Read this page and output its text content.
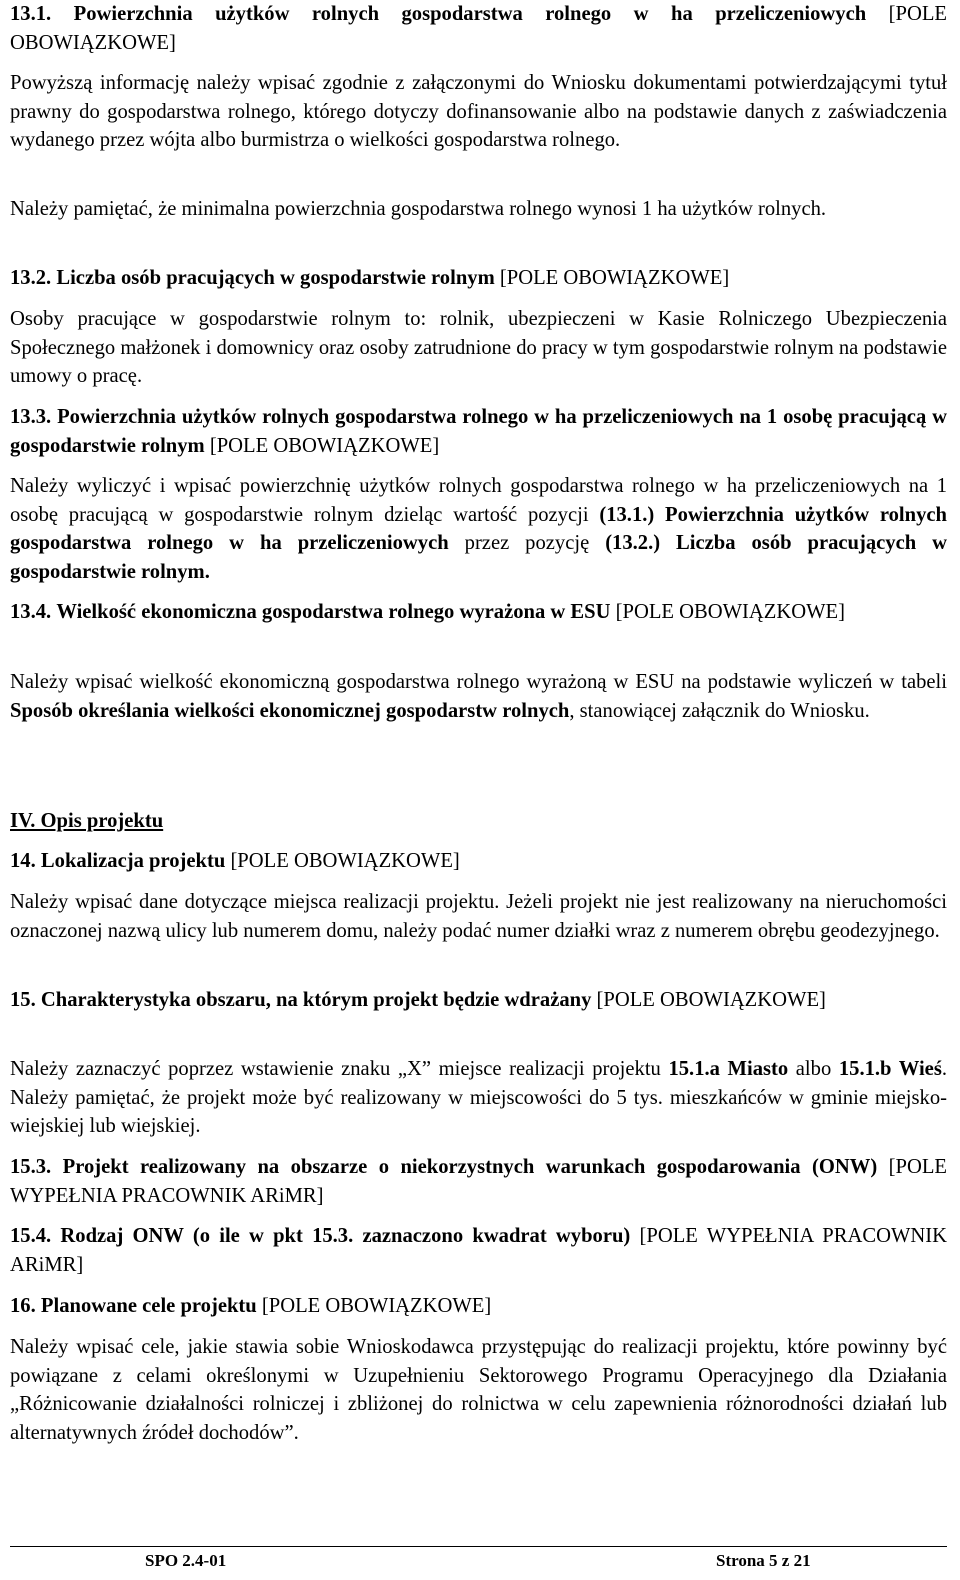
13.1. Powierzchnia użytków rolnych gospodarstwa rolnego w ha przeliczeniowych [POLE OBOWIĄZKOWE]

Powyższą informację należy wpisać zgodnie z załączonymi do Wniosku dokumentami potwierdzającymi tytuł prawny do gospodarstwa rolnego, którego dotyczy dofinansowanie albo na podstawie danych z zaświadczenia wydanego przez wójta albo burmistrza o wielkości gospodarstwa rolnego.

Należy pamiętać, że minimalna powierzchnia gospodarstwa rolnego wynosi 1 ha użytków rolnych.

13.2. Liczba osób pracujących w gospodarstwie rolnym [POLE OBOWIĄZKOWE]

Osoby pracujące w gospodarstwie rolnym to: rolnik, ubezpieczeni w Kasie Rolniczego Ubezpieczenia Społecznego małżonek i domownicy oraz osoby zatrudnione do pracy w tym gospodarstwie rolnym na podstawie umowy o pracę.

13.3. Powierzchnia użytków rolnych gospodarstwa rolnego w ha przeliczeniowych na 1 osobę pracującą w gospodarstwie rolnym [POLE OBOWIĄZKOWE]

Należy wyliczyć i wpisać powierzchnię użytków rolnych gospodarstwa rolnego w ha przeliczeniowych na 1 osobę pracującą w gospodarstwie rolnym dzieląc wartość pozycji (13.1.) Powierzchnia użytków rolnych gospodarstwa rolnego w ha przeliczeniowych przez pozycję (13.2.) Liczba osób pracujących w gospodarstwie rolnym.

13.4. Wielkość ekonomiczna gospodarstwa rolnego wyrażona w ESU [POLE OBOWIĄZKOWE]

Należy wpisać wielkość ekonomiczną gospodarstwa rolnego wyrażoną w ESU na podstawie wyliczeń w tabeli Sposób określania wielkości ekonomicznej gospodarstw rolnych, stanowiącej załącznik do Wniosku.

IV. Opis projektu

14. Lokalizacja projektu [POLE OBOWIĄZKOWE]

Należy wpisać dane dotyczące miejsca realizacji projektu. Jeżeli projekt nie jest realizowany na nieruchomości oznaczonej nazwą ulicy lub numerem domu, należy podać numer działki wraz z numerem obrębu geodezyjnego.

15. Charakterystyka obszaru, na którym projekt będzie wdrażany [POLE OBOWIĄZKOWE]

Należy zaznaczyć poprzez wstawienie znaku „X” miejsce realizacji projektu 15.1.a Miasto albo 15.1.b Wieś. Należy pamiętać, że projekt może być realizowany w miejscowości do 5 tys. mieszkańców w gminie miejsko-wiejskiej lub wiejskiej.

15.3. Projekt realizowany na obszarze o niekorzystnych warunkach gospodarowania (ONW) [POLE WYPEŁNIA PRACOWNIK ARiMR]

15.4. Rodzaj ONW (o ile w pkt 15.3. zaznaczono kwadrat wyboru) [POLE WYPEŁNIA PRACOWNIK ARiMR]

16. Planowane cele projektu [POLE OBOWIĄZKOWE]

Należy wpisać cele, jakie stawia sobie Wnioskodawca przystępując do realizacji projektu, które powinny być powiązane z celami określonymi w Uzupełnieniu Sektorowego Programu Operacyjnego dla Działania „Różnicowanie działalności rolniczej i zbliżonej do rolnictwa w celu zapewnienia różnorodności działań lub alternatywnych źródeł dochodów”.

SPO 2.4-01	Strona 5 z 21
